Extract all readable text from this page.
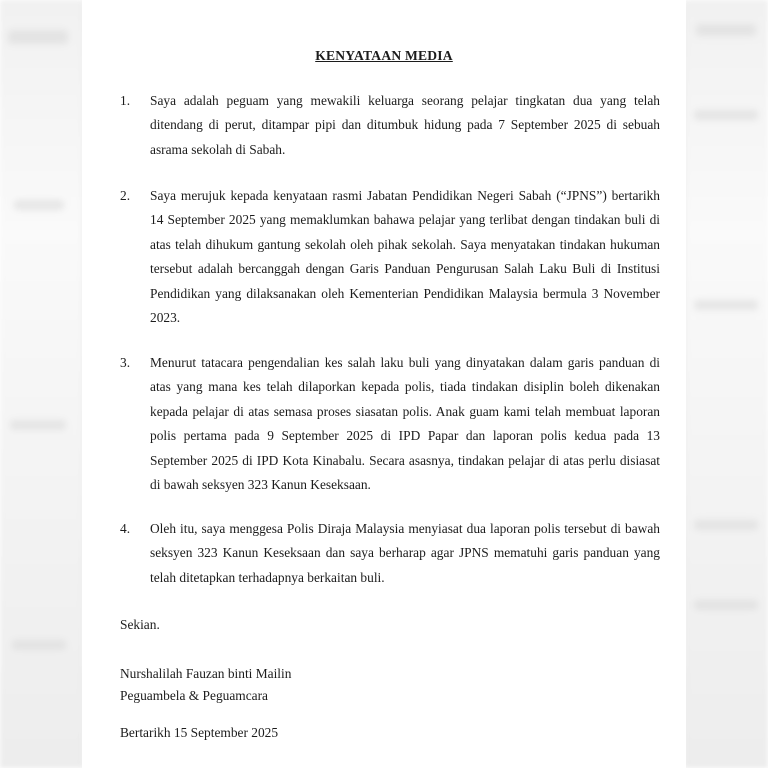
KENYATAAN MEDIA
1. Saya adalah peguam yang mewakili keluarga seorang pelajar tingkatan dua yang telah ditendang di perut, ditampar pipi dan ditumbuk hidung pada 7 September 2025 di sebuah asrama sekolah di Sabah.
2. Saya merujuk kepada kenyataan rasmi Jabatan Pendidikan Negeri Sabah (“JPNS”) bertarikh 14 September 2025 yang memaklumkan bahawa pelajar yang terlibat dengan tindakan buli di atas telah dihukum gantung sekolah oleh pihak sekolah. Saya menyatakan tindakan hukuman tersebut adalah bercanggah dengan Garis Panduan Pengurusan Salah Laku Buli di Institusi Pendidikan yang dilaksanakan oleh Kementerian Pendidikan Malaysia bermula 3 November 2023.
3. Menurut tatacara pengendalian kes salah laku buli yang dinyatakan dalam garis panduan di atas yang mana kes telah dilaporkan kepada polis, tiada tindakan disiplin boleh dikenakan kepada pelajar di atas semasa proses siasatan polis. Anak guam kami telah membuat laporan polis pertama pada 9 September 2025 di IPD Papar dan laporan polis kedua pada 13 September 2025 di IPD Kota Kinabalu. Secara asasnya, tindakan pelajar di atas perlu disiasat di bawah seksyen 323 Kanun Keseksaan.
4. Oleh itu, saya menggesa Polis Diraja Malaysia menyiasat dua laporan polis tersebut di bawah seksyen 323 Kanun Keseksaan dan saya berharap agar JPNS mematuhi garis panduan yang telah ditetapkan terhadapnya berkaitan buli.
Sekian.
Nurshalilah Fauzan binti Mailin
Peguambela & Peguamcara
Bertarikh 15 September 2025
